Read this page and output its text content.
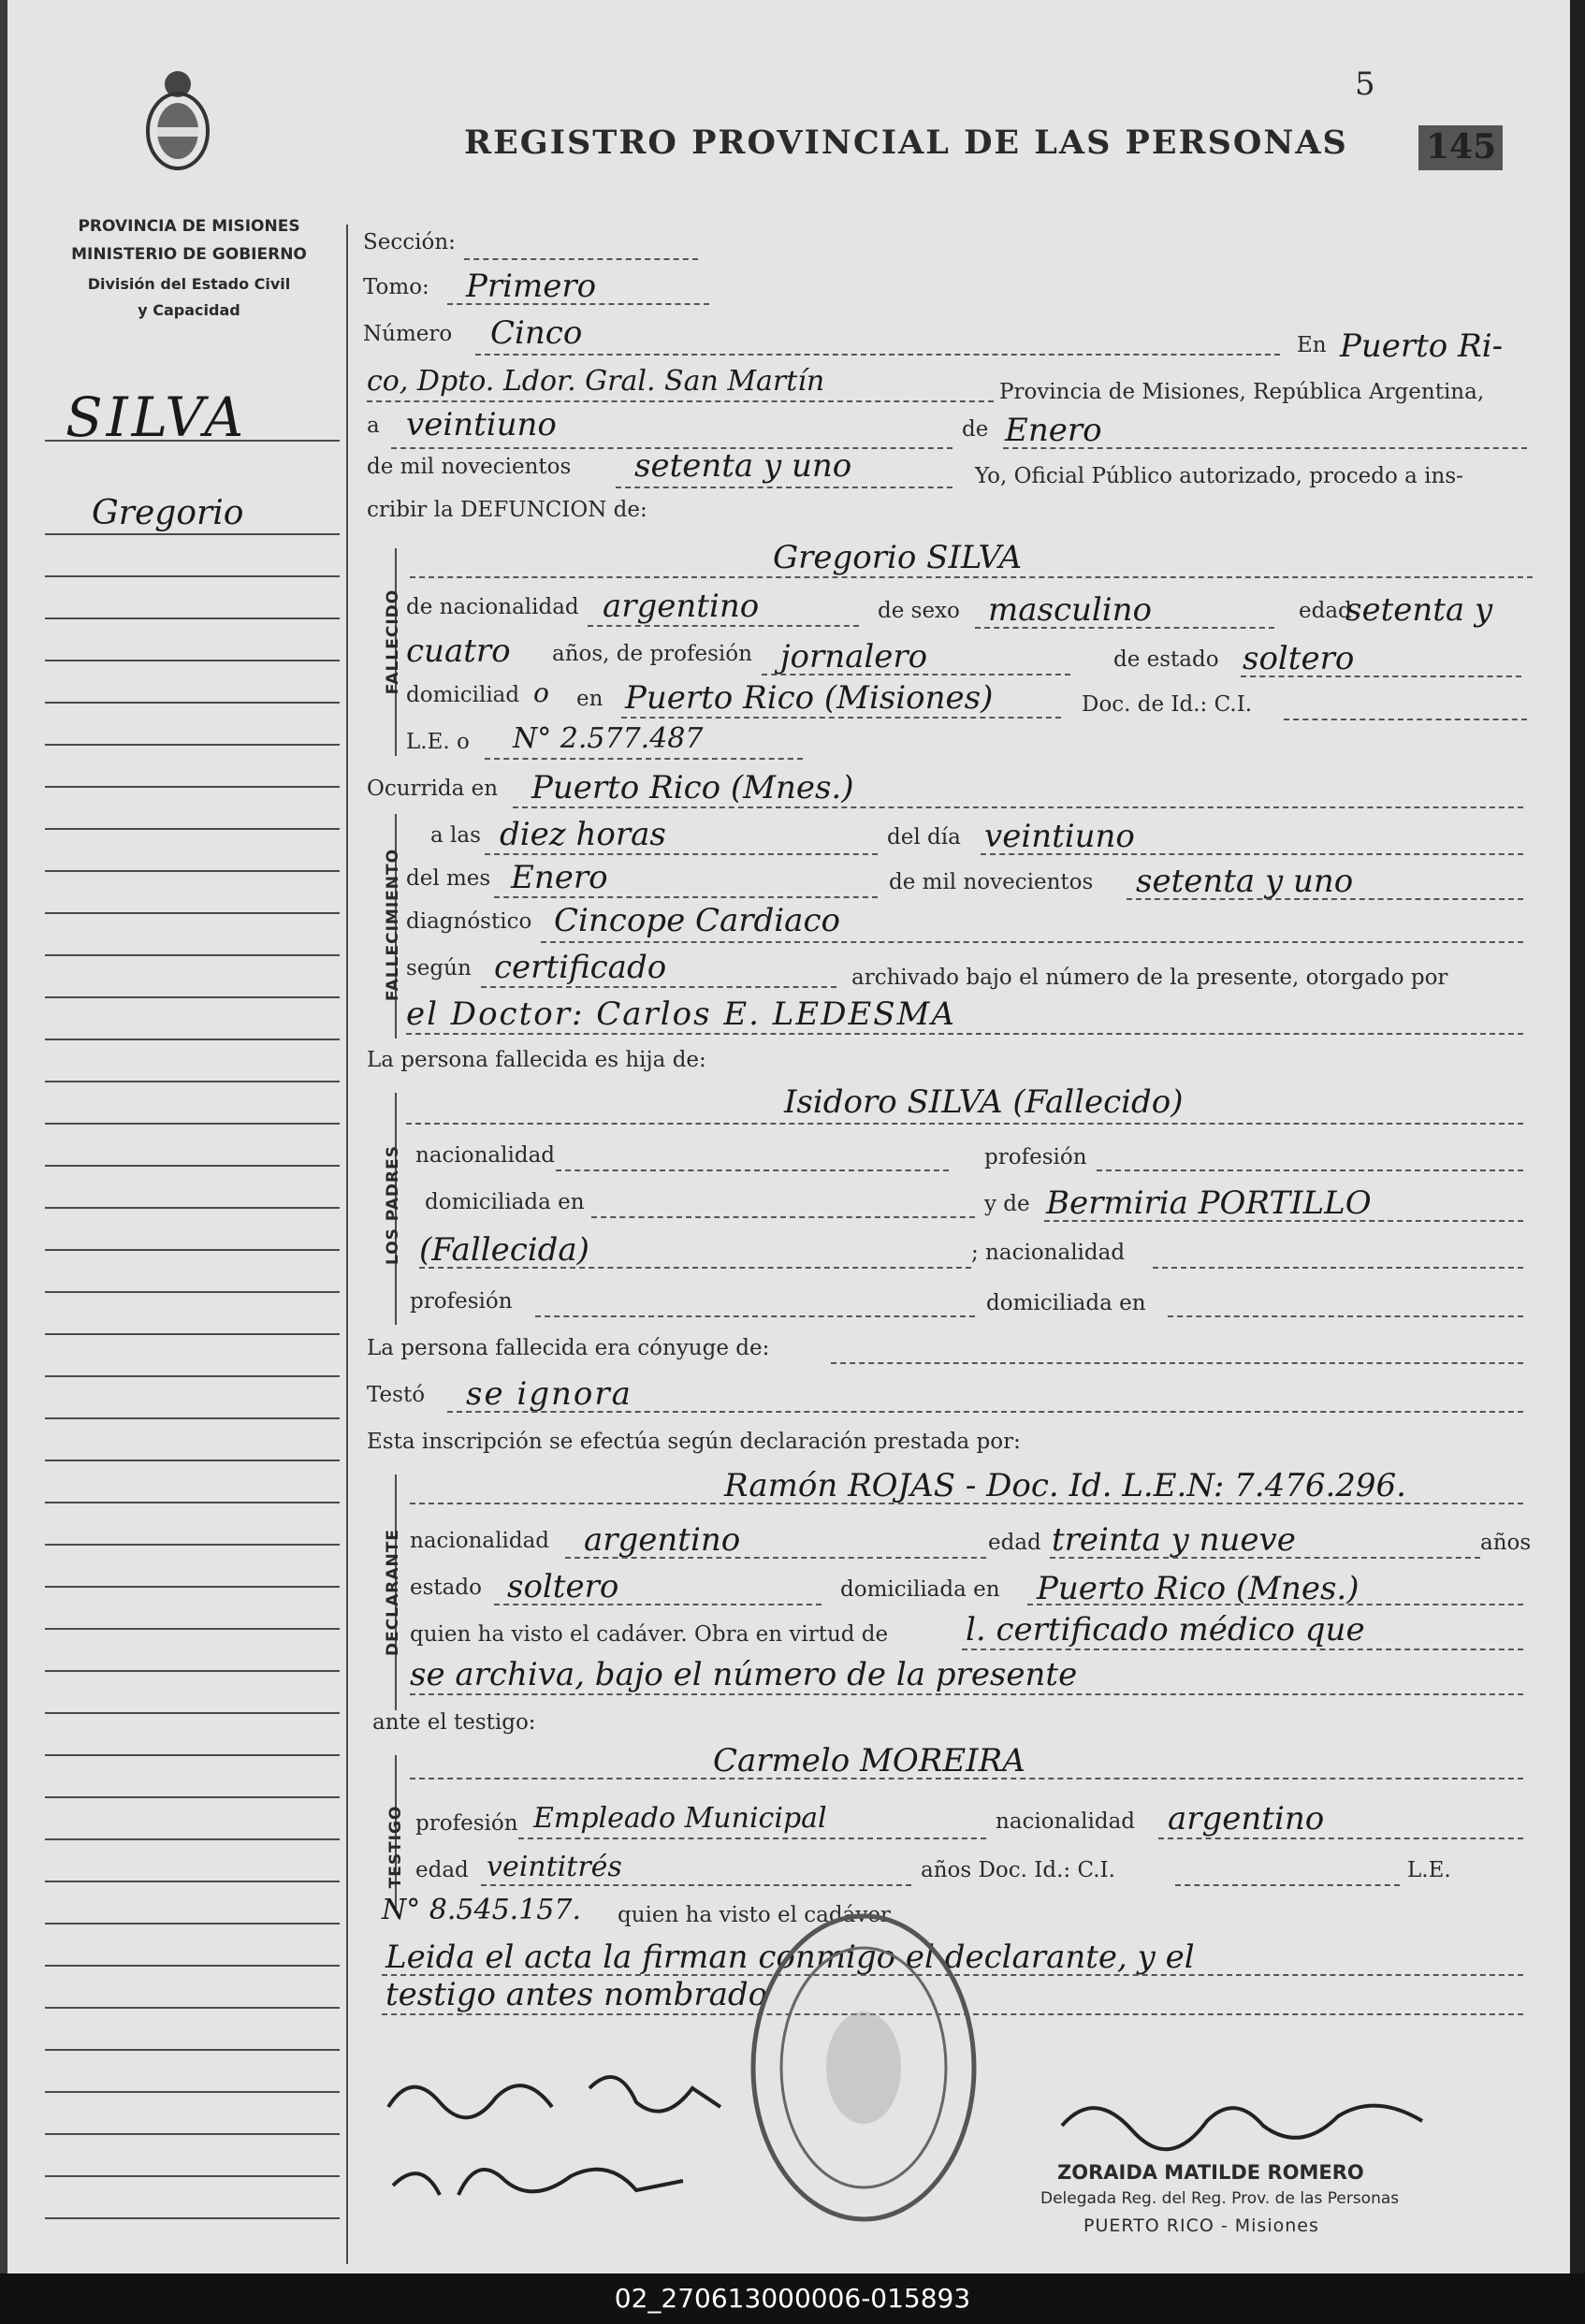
5
REGISTRO PROVINCIAL DE LAS PERSONAS 145
PROVINCIA DE MISIONES
MINISTERIO DE GOBIERNO
División del Estado Civil
y Capacidad
SILVA
Gregorio
Sección:
Tomo: Primero
Número Cinco	En Puerto Ri-
co, Dpto. Ldor. Gral. San Martín	Provincia de Misiones, República Argentina,
a veintiuno	de Enero
de mil novecientos setenta y uno	Yo, Oficial Público autorizado, procedo a ins-
cribir la DEFUNCION de:
FALLECIDO
Gregorio SILVA
de nacionalidad argentino	de sexo masculino	edad
setenta y
cuatro años, de profesión jornalero	de estado soltero
domiciliad o en Puerto Rico (Misiones)	Doc. de Id.: C.I.
L.E. o N° 2.577.487
Ocurrida en Puerto Rico (Mnes.)
FALLECIMIENTO
a las diez horas	del día veintiuno
del mes Enero	de mil novecientos setenta y uno
diagnóstico Cincope Cardiaco
según certificado	archivado bajo el número de la presente, otorgado por
el Doctor: Carlos E. LEDESMA
La persona fallecida es hija de:
LOS PADRES
Isidoro SILVA (Fallecido)
nacionalidad	profesión
domiciliada en	y de Bermiria PORTILLO
(Fallecida)	; nacionalidad
profesión	domiciliada en
La persona fallecida era cónyuge de:
Testó se ignora
Esta inscripción se efectúa según declaración prestada por:
DECLARANTE
Ramón ROJAS - Doc. Id. L.E.N: 7.476.296.
nacionalidad argentino	edad treinta y nueve	años
estado soltero	domiciliada en Puerto Rico (Mnes.)
quien ha visto el cadáver. Obra en virtud de l. certificado médico que
se archiva, bajo el número de la presente
ante el testigo:
TESTIGO
Carmelo MOREIRA
profesión Empleado Municipal	nacionalidad argentino
edad veintitrés	años Doc. Id.: C.I.	L.E.
N° 8.545.157. quien ha visto el cadáver.
Leida el acta la firman conmigo el declarante, y el
testigo antes nombrado
ZORAIDA MATILDE ROMERO
Delegada Reg. del Reg. Prov. de las Personas
PUERTO RICO - Misiones
02_270613000006-015893
